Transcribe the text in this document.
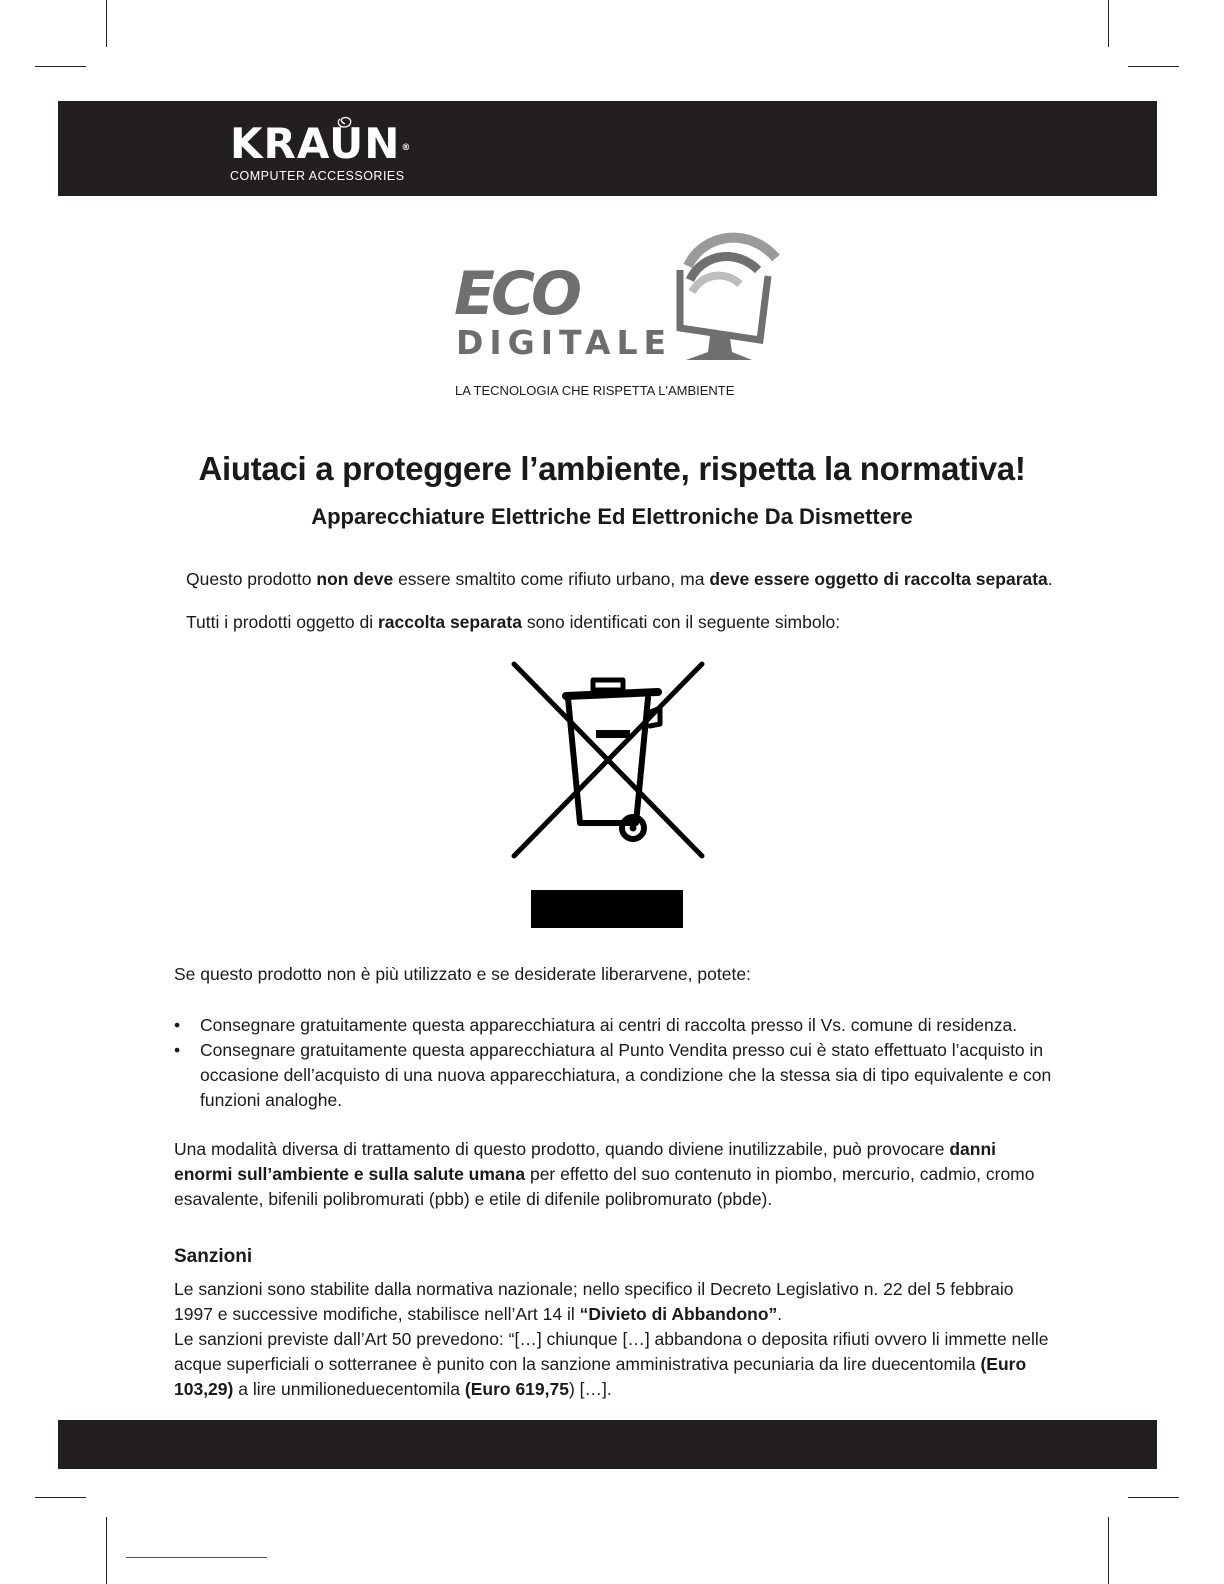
KRAUN®
COMPUTER ACCESSORIES
ECO
DIGITALE
LA TECNOLOGIA CHE RISPETTA L'AMBIENTE
Aiutaci a proteggere l’ambiente, rispetta la normativa!
Apparecchiature Elettriche Ed Elettroniche Da Dismettere
Questo prodotto non deve essere smaltito come rifiuto urbano, ma deve essere oggetto di raccolta separata.
Tutti i prodotti oggetto di raccolta separata sono identificati con il seguente simbolo:
Se questo prodotto non è più utilizzato e se desiderate liberarvene, potete:
• Consegnare gratuitamente questa apparecchiatura ai centri di raccolta presso il Vs. comune di residenza.
• Consegnare gratuitamente questa apparecchiatura al Punto Vendita presso cui è stato effettuato l’acquisto in occasione dell’acquisto di una nuova apparecchiatura, a condizione che la stessa sia di tipo equivalente e con funzioni analoghe.
Una modalità diversa di trattamento di questo prodotto, quando diviene inutilizzabile, può provocare danni enormi sull’ambiente e sulla salute umana per effetto del suo contenuto in piombo, mercurio, cadmio, cromo esavalente, bifenili polibromurati (pbb) e etile di difenile polibromurato (pbde).
Sanzioni
Le sanzioni sono stabilite dalla normativa nazionale; nello specifico il Decreto Legislativo n. 22 del 5 febbraio 1997 e successive modifiche, stabilisce nell’Art 14 il “Divieto di Abbandono”.
Le sanzioni previste dall’Art 50 prevedono: “[…] chiunque […] abbandona o deposita rifiuti ovvero li immette nelle acque superficiali o sotterranee è punito con la sanzione amministrativa pecuniaria da lire duecentomila (Euro 103,29) a lire unmilioneduecentomila (Euro 619,75) […].
